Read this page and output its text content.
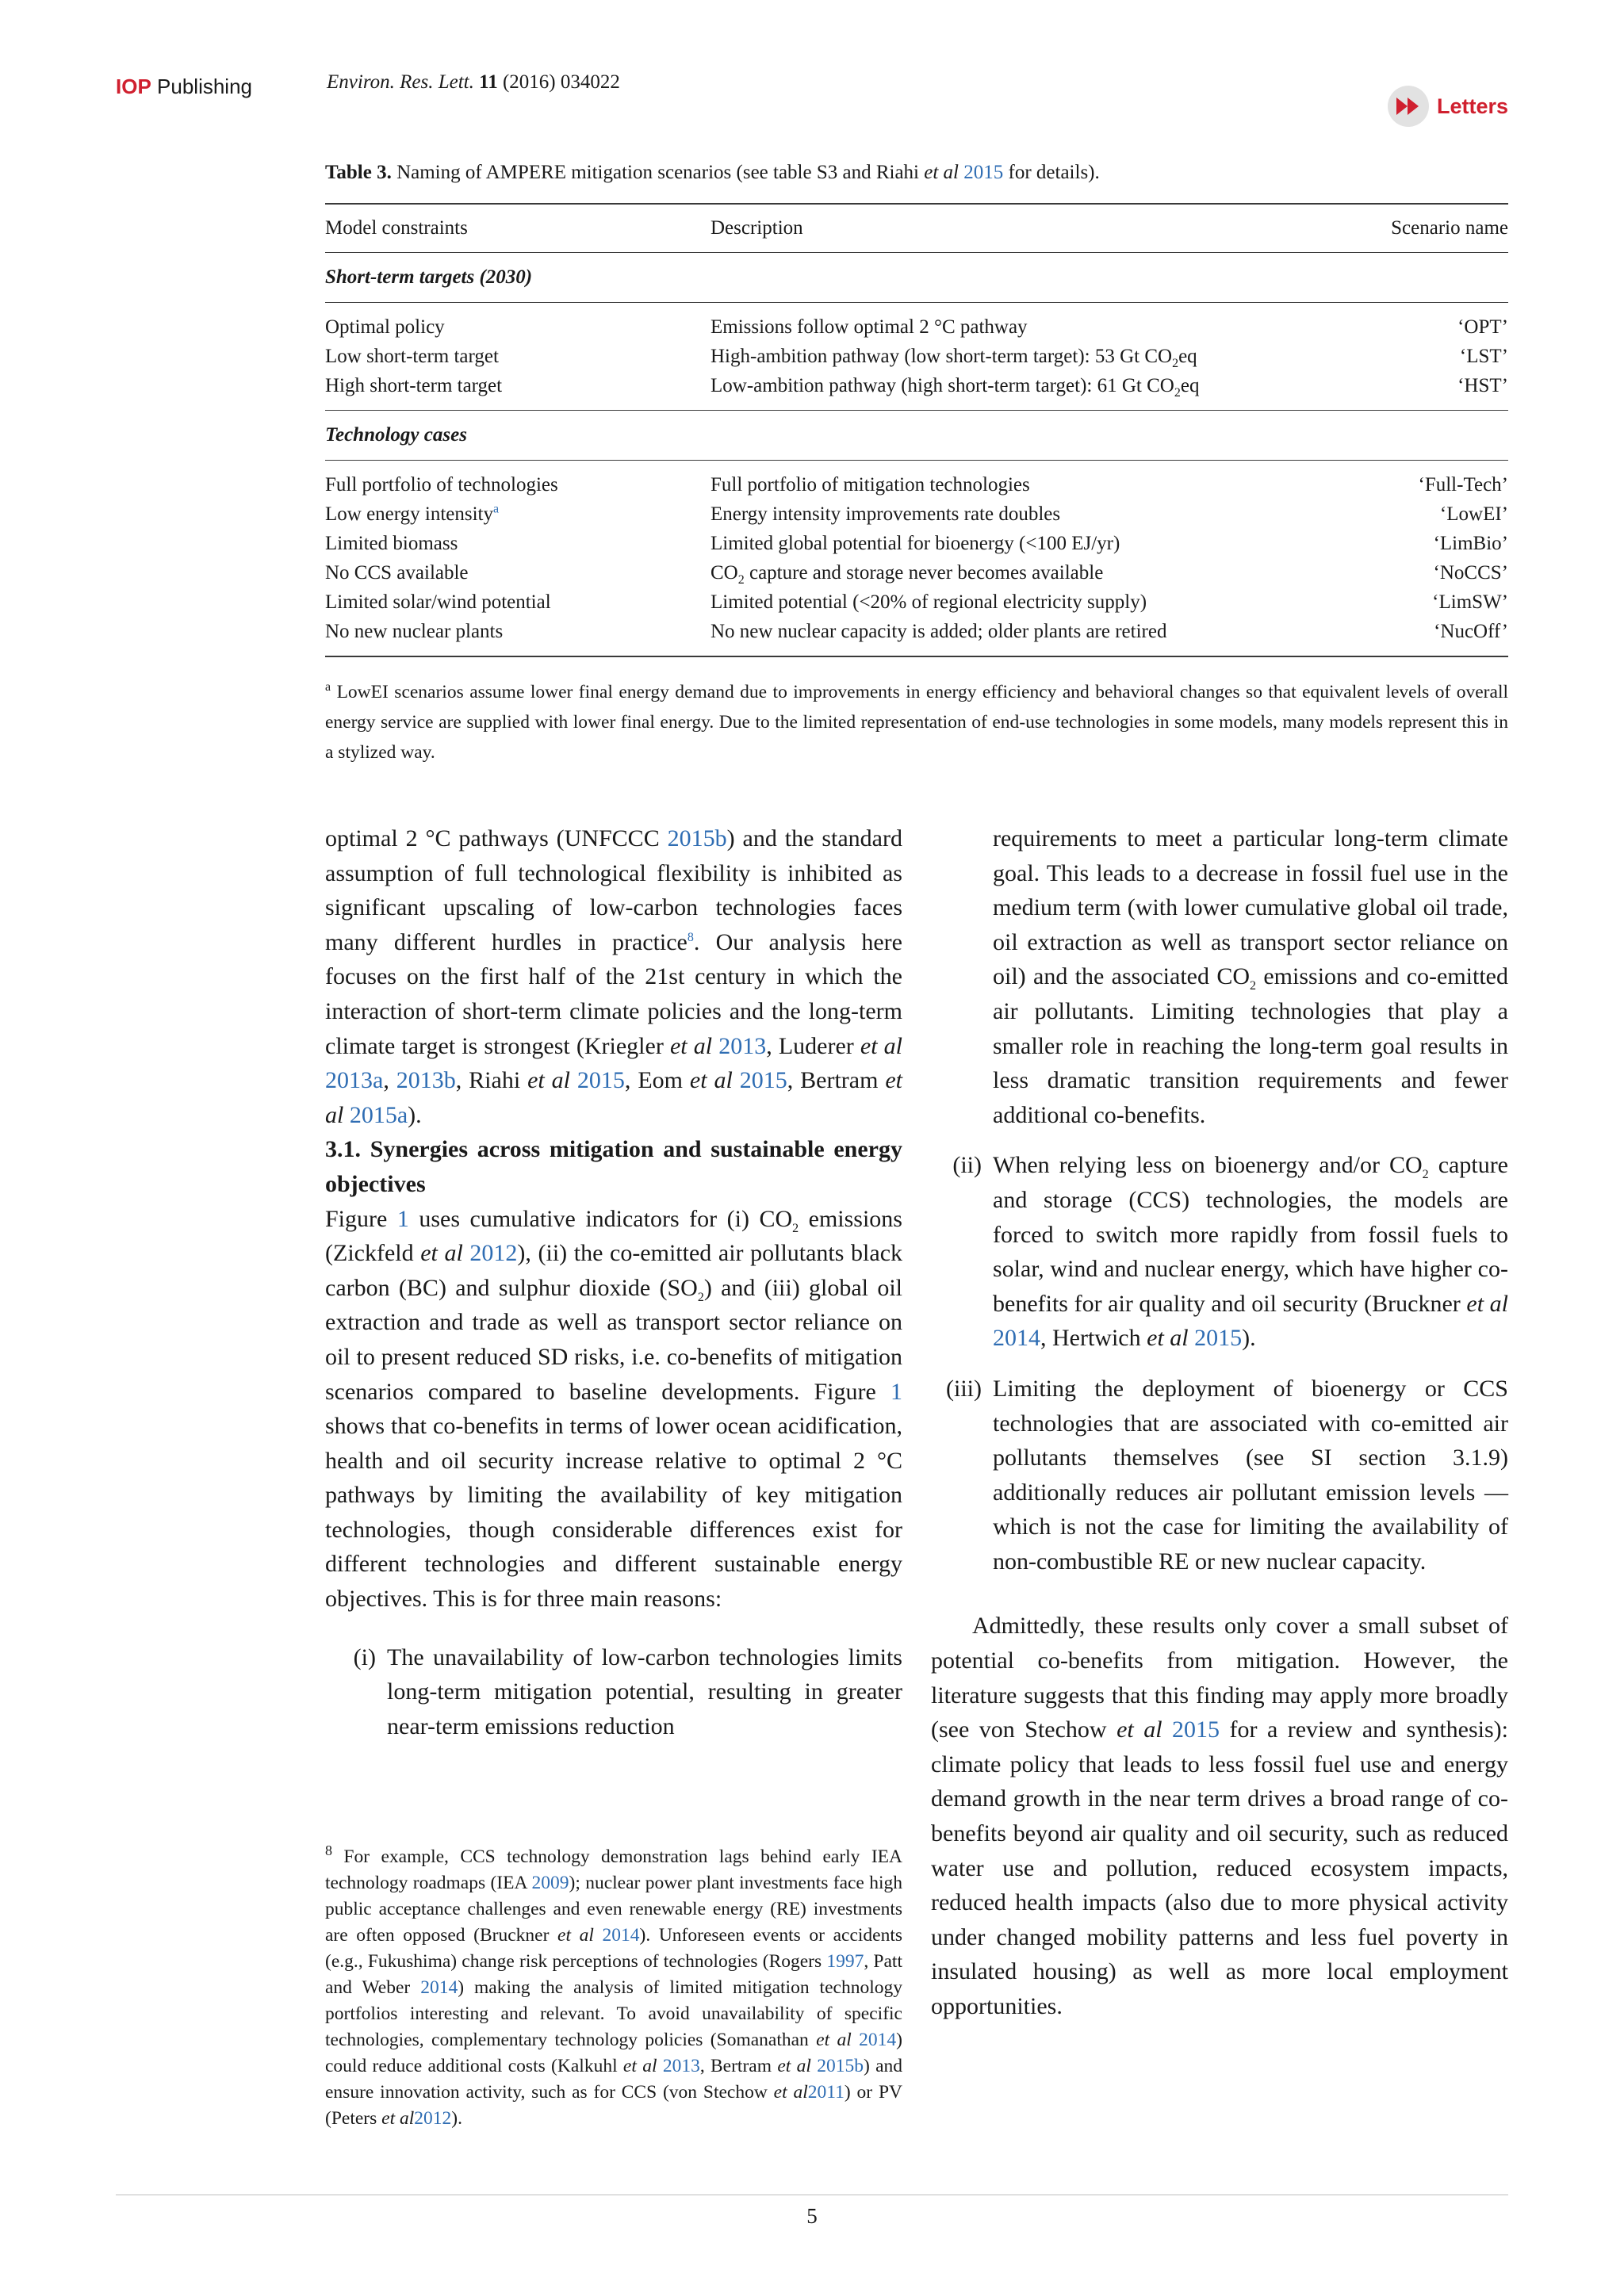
IOP Publishing	Environ. Res. Lett. 11 (2016) 034022
Letters
Table 3. Naming of AMPERE mitigation scenarios (see table S3 and Riahi et al 2015 for details).
Model constraints	Description	Scenario name
Short-term targets (2030)

Optimal policy	Emissions follow optimal 2 °C pathway	‘OPT’
Low short-term target	High-ambition pathway (low short-term target): 53 Gt $CO_2eq$	‘LST’
High short-term target	Low-ambition pathway (high short-term target): 61 Gt $CO_2eq$	‘HST’

Technology cases

Full portfolio of technologies	Full portfolio of mitigation technologies	‘Full-Tech’
Low energy intensity$^a$	Energy intensity improvements rate doubles	‘LowEI’
Limited biomass	Limited global potential for bioenergy (<100 EJ/yr)	‘LimBio’
No CCS available	$CO_2$ capture and storage never becomes available	‘NoCCS’
Limited solar/wind potential	Limited potential (<20% of regional electricity supply)	‘LimSW’
No new nuclear plants	No new nuclear capacity is added; older plants are retired	‘NucOff’

$^a$ LowEI scenarios assume lower final energy demand due to improvements in energy efficiency and behavioral changes so that equivalent levels of overall energy service are supplied with lower final energy. Due to the limited representation of end-use technologies in some models, many models represent this in a stylized way.

optimal 2 °C pathways (UNFCCC 2015b) and the standard assumption of full technological flexibility is inhibited as significant upscaling of low-carbon technologies faces many different hurdles in practice$^8$. Our analysis here focuses on the first half of the 21st century in which the interaction of short-term climate policies and the long-term climate target is strongest (Kriegler et al 2013, Luderer et al 2013a, 2013b, Riahi et al 2015, Eom et al 2015, Bertram et al 2015a).

3.1. Synergies across mitigation and sustainable energy objectives

Figure 1 uses cumulative indicators for (i) $CO_2$ emissions (Zickfeld et al 2012), (ii) the co-emitted air pollutants black carbon (BC) and sulphur dioxide $(SO_2)$ and (iii) global oil extraction and trade as well as transport sector reliance on oil to present reduced SD risks, i.e. co-benefits of mitigation scenarios compared to baseline developments. Figure 1 shows that co-benefits in terms of lower ocean acidification, health and oil security increase relative to optimal 2 °C pathways by limiting the availability of key mitigation technologies, though considerable differences exist for different technologies and different sustainable energy objectives. This is for three main reasons:

(i) The unavailability of low-carbon technologies limits long-term mitigation potential, resulting in greater near-term emissions reduction
$^8$ For example, CCS technology demonstration lags behind early IEA technology roadmaps (IEA 2009); nuclear power plant investments face high public acceptance challenges and even renewable energy (RE) investments are often opposed (Bruckner et al 2014). Unforeseen events or accidents (e.g., Fukushima) change risk perceptions of technologies (Rogers 1997, Patt and Weber 2014) making the analysis of limited mitigation technology portfolios interesting and relevant. To avoid unavailability of specific technologies, complementary technology policies (Somanathan et al 2014) could reduce additional costs (Kalkuhl et al 2013, Bertram et al 2015b) and ensure innovation activity, such as for CCS (von Stechow et al2011) or PV (Peters et al2012).
requirements to meet a particular long-term climate goal. This leads to a decrease in fossil fuel use in the medium term (with lower cumulative global oil trade, oil extraction as well as transport sector reliance on oil) and the associated $CO_2$ emissions and co-emitted air pollutants. Limiting technologies that play a smaller role in reaching the long-term goal results in less dramatic transition requirements and fewer additional co-benefits.
(ii) When relying less on bioenergy and/or $CO_2$ capture and storage (CCS) technologies, the models are forced to switch more rapidly from fossil fuels to solar, wind and nuclear energy, which have higher co-benefits for air quality and oil security (Bruckner et al 2014, Hertwich et al 2015).
(iii) Limiting the deployment of bioenergy or CCS technologies that are associated with co-emitted air pollutants themselves (see SI section 3.1.9) additionally reduces air pollutant emission levels —which is not the case for limiting the availability of non-combustible RE or new nuclear capacity.

Admittedly, these results only cover a small subset of potential co-benefits from mitigation. However, the literature suggests that this finding may apply more broadly (see von Stechow et al 2015 for a review and synthesis): climate policy that leads to less fossil fuel use and energy demand growth in the near term drives a broad range of co-benefits beyond air quality and oil security, such as reduced water use and pollution, reduced ecosystem impacts, reduced health impacts (also due to more physical activity under changed mobility patterns and less fuel poverty in insulated housing) as well as more local employment opportunities.

5
